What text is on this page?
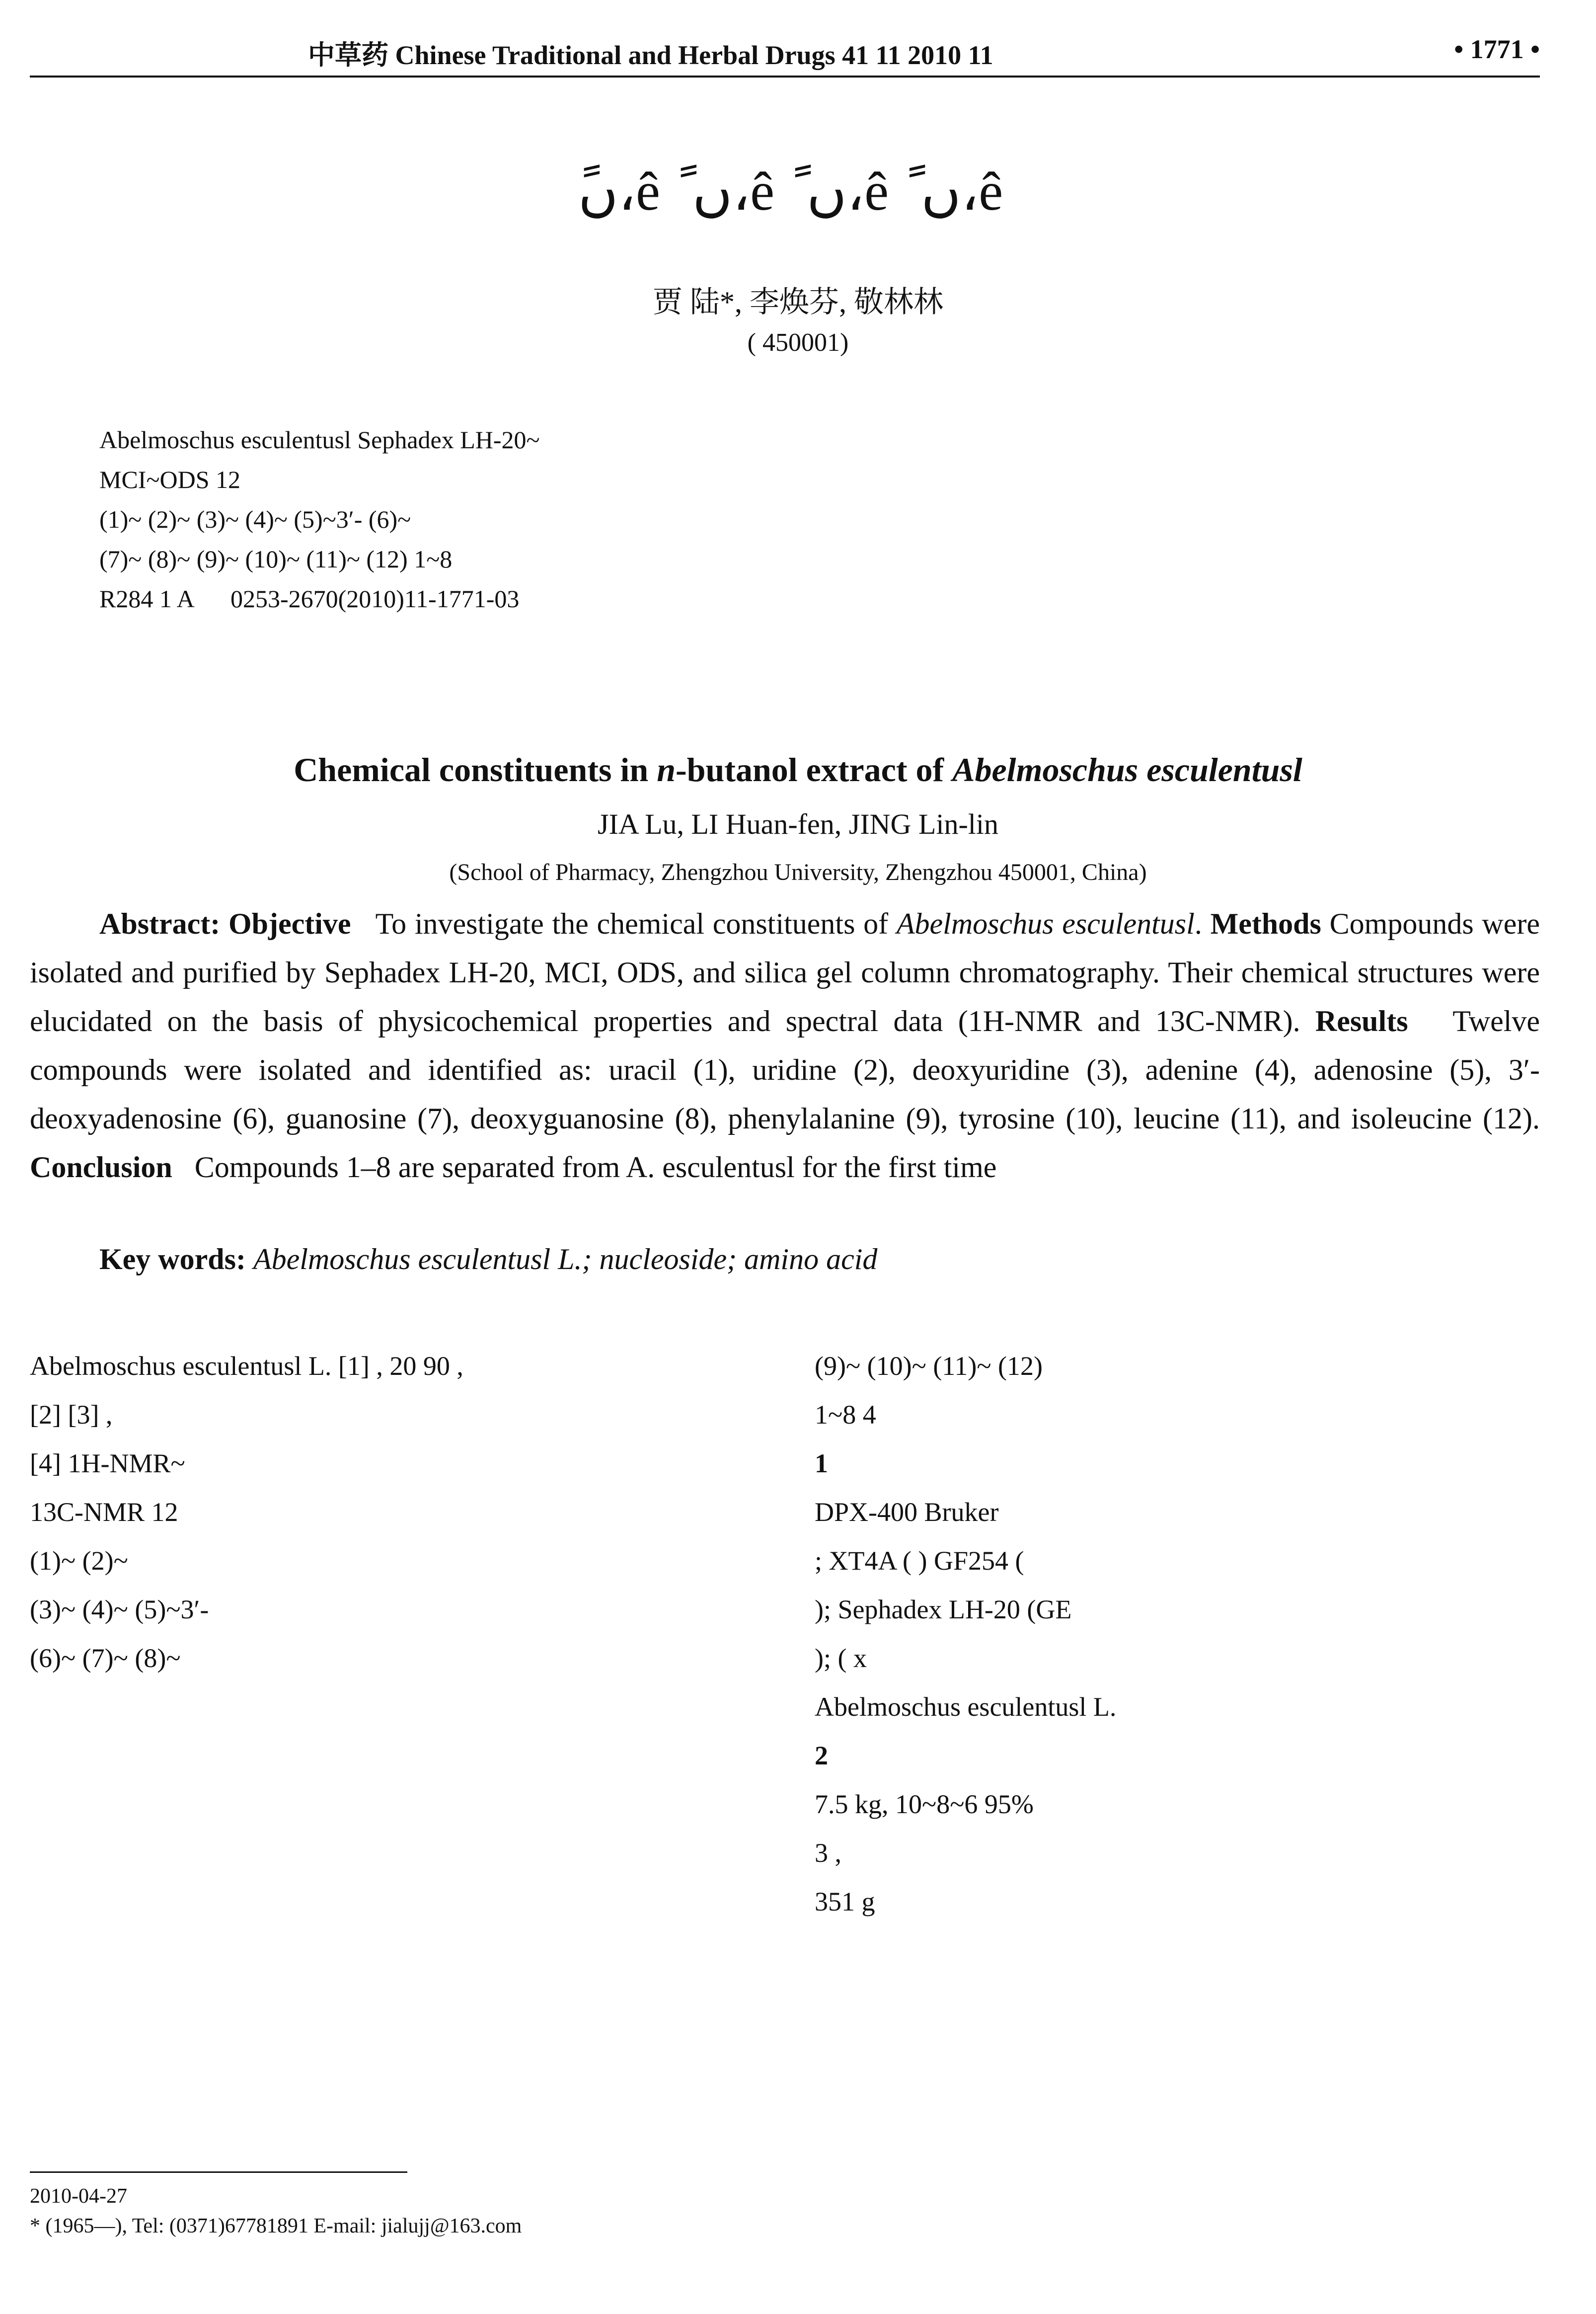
中草药 Chinese Traditional and Herbal Drugs 41 11 2010 11	• 1771 •
ًں،ê ًں،ê ًں،ê ًں،ê
贾 陆*, 李焕芬, 敬林林
( 450001)
Abelmoschus esculentusl Sephadex LH-20~
MCI~ODS 12
(1)~ (2)~ (3)~ (4)~ (5)~3′- (6)~
(7)~ (8)~ (9)~ (10)~ (11)~ (12) 1~8
R284 1 A 0253-2670(2010)11-1771-03
Chemical constituents in n-butanol extract of Abelmoschus esculentusl
JIA Lu, LI Huan-fen, JING Lin-lin
(School of Pharmacy, Zhengzhou University, Zhengzhou 450001, China)
Abstract: Objective To investigate the chemical constituents of Abelmoschus esculentusl. Methods Compounds were isolated and purified by Sephadex LH-20, MCI, ODS, and silica gel column chromatography. Their chemical structures were elucidated on the basis of physicochemical properties and spectral data (1H-NMR and 13C-NMR). Results Twelve compounds were isolated and identified as: uracil (1), uridine (2), deoxyuridine (3), adenine (4), adenosine (5), 3′-deoxyadenosine (6), guanosine (7), deoxyguanosine (8), phenylalanine (9), tyrosine (10), leucine (11), and isoleucine (12). Conclusion Compounds 1–8 are separated from A. esculentusl for the first time
Key words: Abelmoschus esculentusl L.; nucleoside; amino acid
Abelmoschus esculentusl L. [1] , 20 90 ,
[2] [3] ,
[4] 1H-NMR~
13C-NMR 12
(1)~ (2)~
(3)~ (4)~ (5)~3′-
(6)~ (7)~ (8)~
(9)~ (10)~ (11)~ (12)
1~8 4
1
DPX-400 Bruker
; XT4A ( ) GF254 (
); Sephadex LH-20 (GE
); ( x
Abelmoschus esculentusl L.
2
7.5 kg, 10~8~6 95%
3 ,
351 g
2010-04-27
* (1965—), Tel: (0371)67781891 E-mail: jialujj@163.com
